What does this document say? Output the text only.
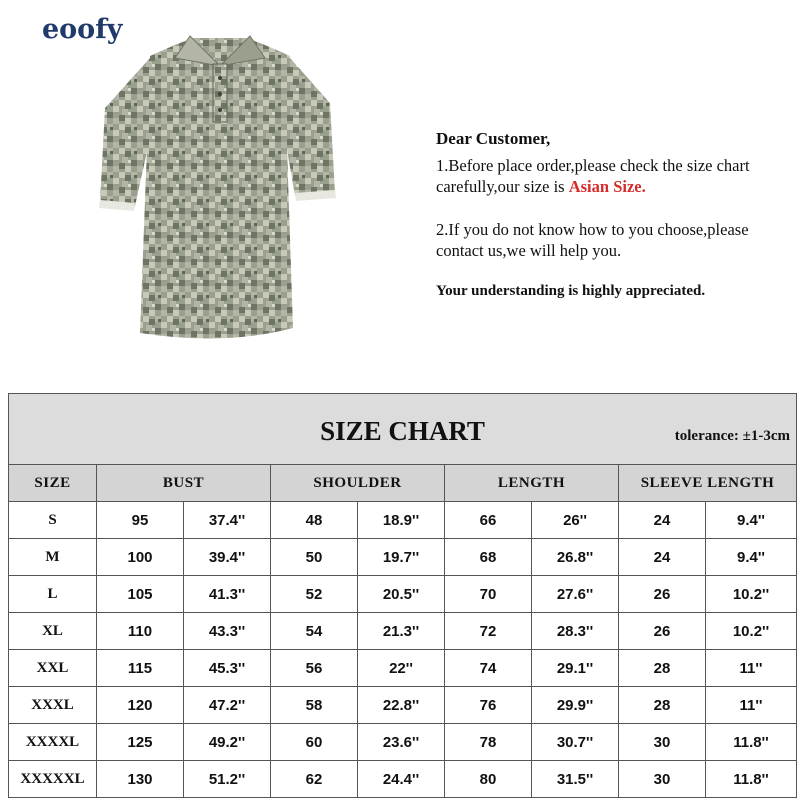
eoofy
Dear Customer,

1.Before place order,please check the size chart carefully,our size is Asian Size.

2.If you do not know how to you choose,please contact us,we will help you.

Your understanding is highly appreciated.

SIZE CHART tolerance: ±1-3cm								

SIZE	BUST		SHOULDER		LENGTH		SLEEVE LENGTH	
S	95	37.4''	48	18.9''	66	26''	24	9.4''
M	100	39.4''	50	19.7''	68	26.8''	24	9.4''
L	105	41.3''	52	20.5''	70	27.6''	26	10.2''
XL	110	43.3''	54	21.3''	72	28.3''	26	10.2''
XXL	115	45.3''	56	22''	74	29.1''	28	11''
XXXL	120	47.2''	58	22.8''	76	29.9''	28	11''
XXXXL	125	49.2''	60	23.6''	78	30.7''	30	11.8''
XXXXXL	130	51.2''	62	24.4''	80	31.5''	30	11.8''
